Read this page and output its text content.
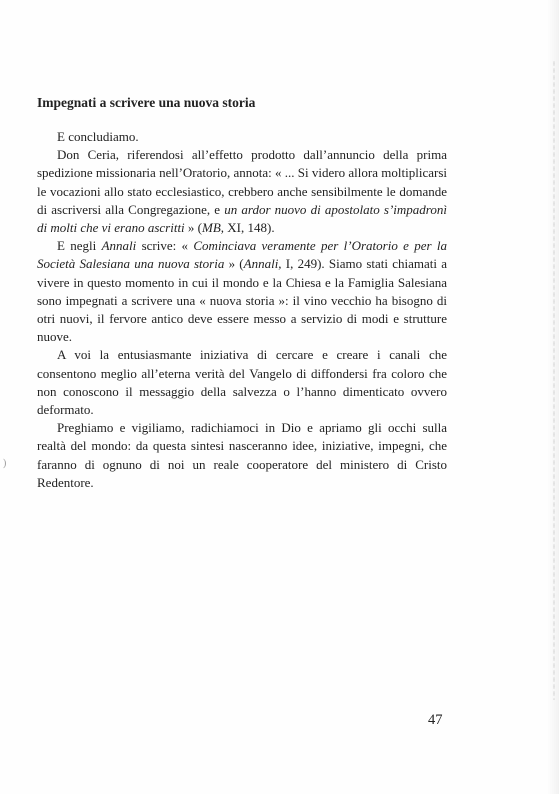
)
Impegnati a scrivere una nuova storia

E concludiamo.

Don Ceria, riferendosi all’effetto prodotto dall’annuncio della prima spedizione missionaria nell’Oratorio, annota: « ... Si videro allora moltiplicarsi le vocazioni allo stato ecclesiastico, crebbero anche sensibilmente le domande di ascriversi alla Congregazione, e un ardor nuovo di apostolato s’impadronì di molti che vi erano ascritti » (MB, XI, 148).

E negli Annali scrive: « Cominciava veramente per l’Oratorio e per la Società Salesiana una nuova storia » (Annali, I, 249). Siamo stati chiamati a vivere in questo momento in cui il mondo e la Chiesa e la Famiglia Salesiana sono impegnati a scrivere una « nuova storia »: il vino vecchio ha bisogno di otri nuovi, il fervore antico deve essere messo a servizio di modi e strutture nuove.

A voi la entusiasmante iniziativa di cercare e creare i canali che consentono meglio all’eterna verità del Vangelo di diffondersi fra coloro che non conoscono il messaggio della salvezza o l’hanno dimenticato ovvero deformato.

Preghiamo e vigiliamo, radichiamoci in Dio e apriamo gli occhi sulla realtà del mondo: da questa sintesi nasceranno idee, iniziative, impegni, che faranno di ognuno di noi un reale cooperatore del ministero di Cristo Redentore.

47
